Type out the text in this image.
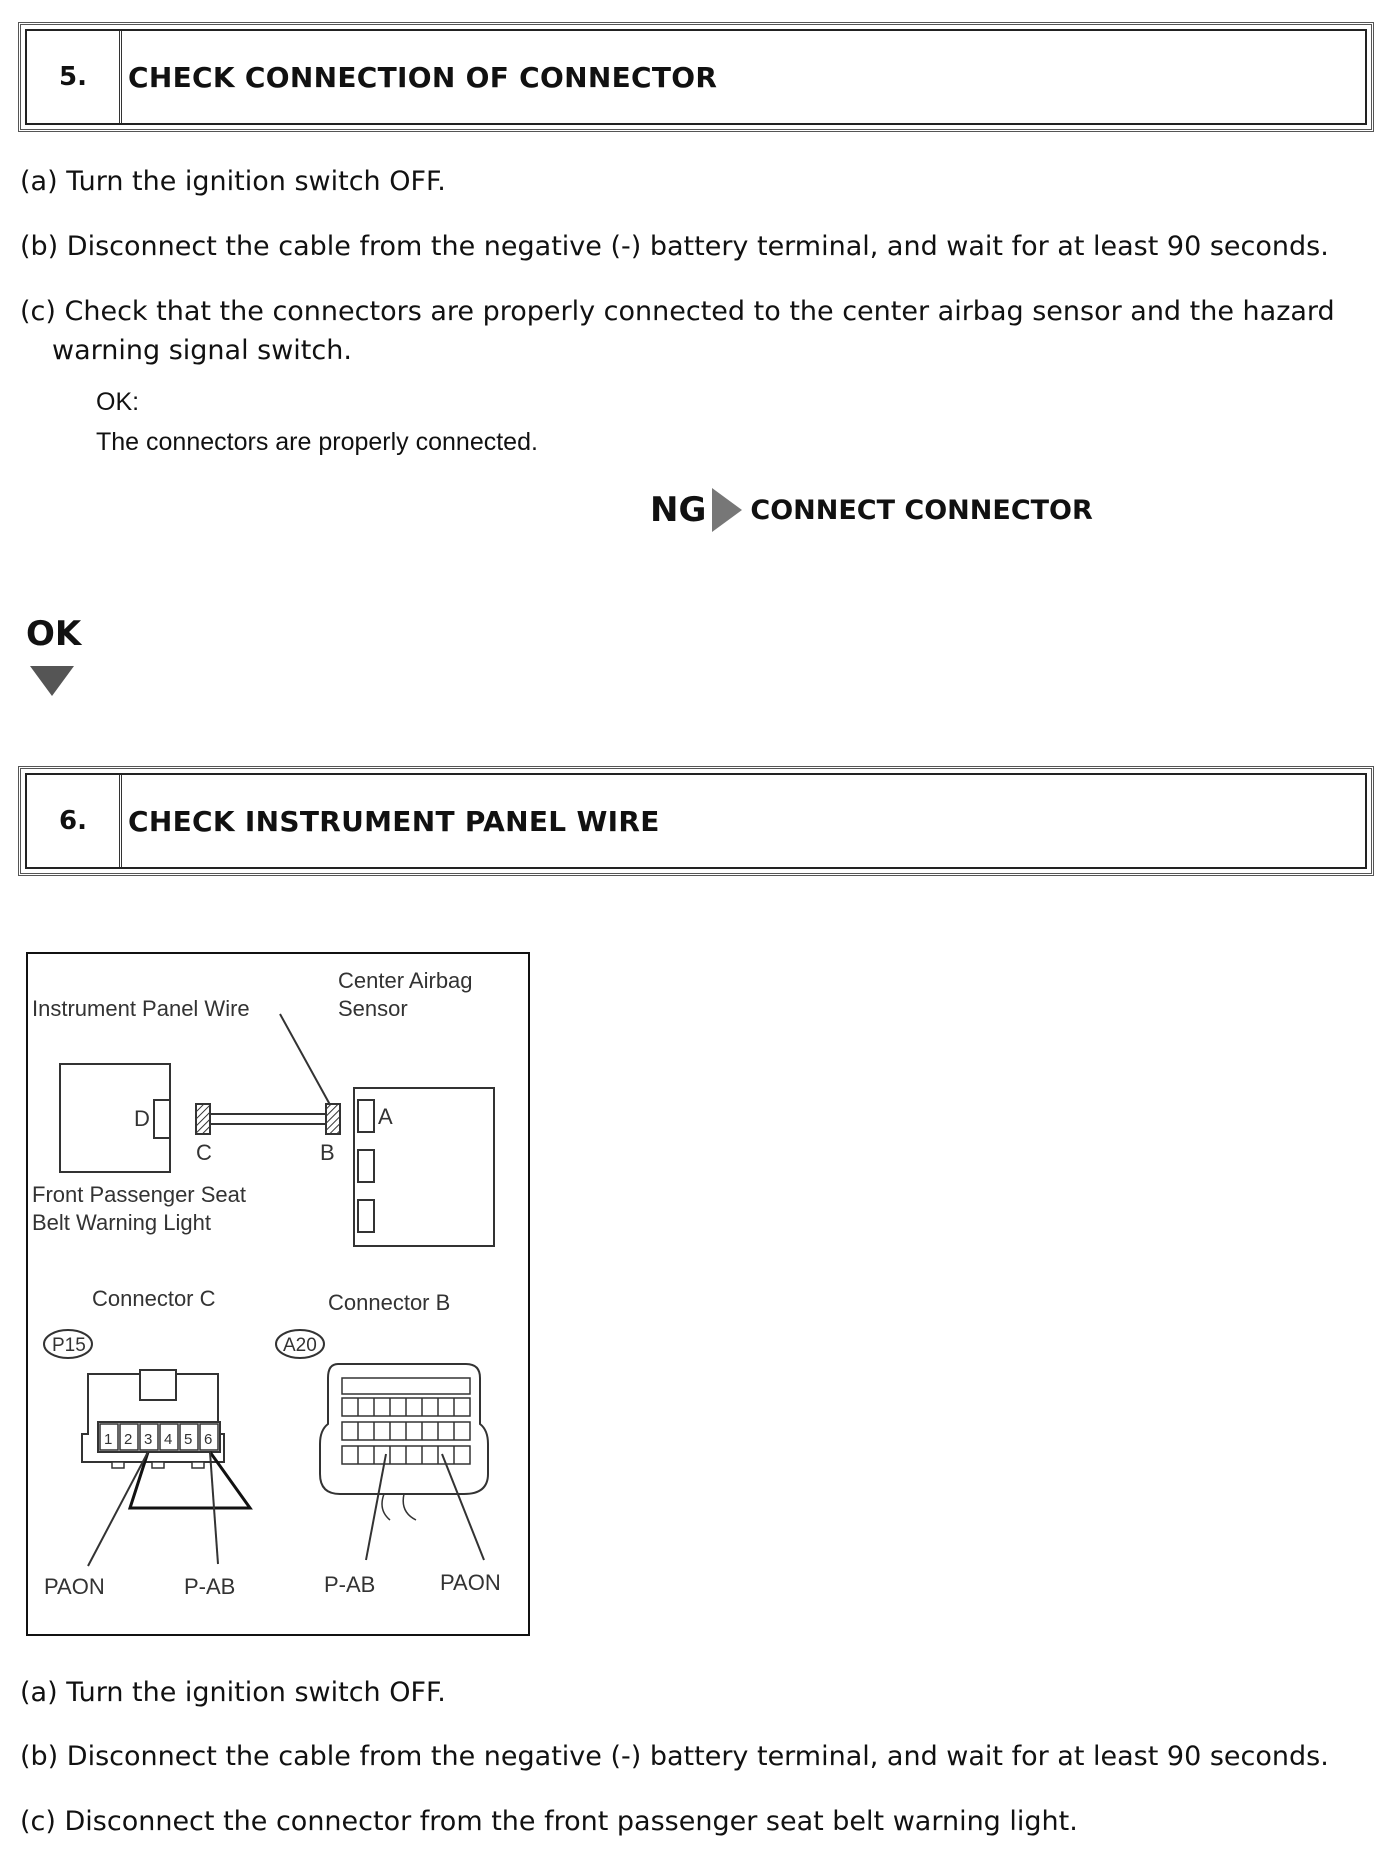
5.	CHECK CONNECTION OF CONNECTOR
(a) Turn the ignition switch OFF.
(b) Disconnect the cable from the negative (-) battery terminal, and wait for at least 90 seconds.
(c) Check that the connectors are properly connected to the center airbag sensor and the hazard
warning signal switch.
OK:
The connectors are properly connected.
NG CONNECT CONNECTOR
OK
6.	CHECK INSTRUMENT PANEL WIRE
Instrument Panel Wire
Center Airbag
Sensor
D
C	B
A
Front Passenger Seat
Belt Warning Light
Connector C	Connector B
P15	A20
1 2 3 4 5 6
PAON	P-AB	P-AB	PAON
(a) Turn the ignition switch OFF.
(b) Disconnect the cable from the negative (-) battery terminal, and wait for at least 90 seconds.
(c) Disconnect the connector from the front passenger seat belt warning light.
